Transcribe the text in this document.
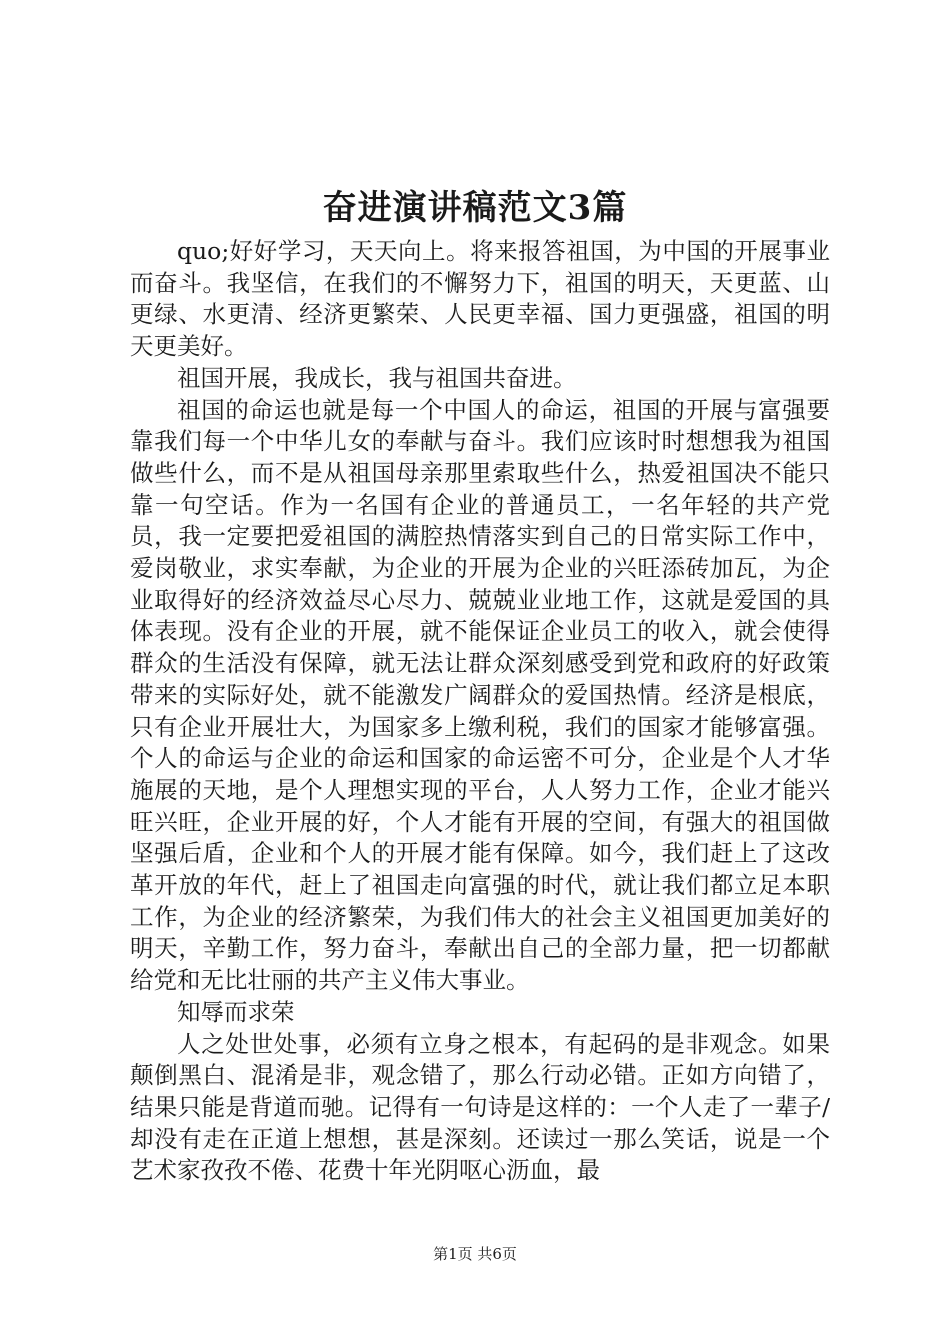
奋进演讲稿范文3篇

quo;好好学习，天天向上。将来报答祖国，为中国的开展事业而奋斗。我坚信，在我们的不懈努力下，祖国的明天，天更蓝、山更绿、水更清、经济更繁荣、人民更幸福、国力更强盛，祖国的明天更美好。

祖国开展，我成长，我与祖国共奋进。

祖国的命运也就是每一个中国人的命运，祖国的开展与富强要靠我们每一个中华儿女的奉献与奋斗。我们应该时时想想我为祖国做些什么，而不是从祖国母亲那里索取些什么，热爱祖国决不能只靠一句空话。作为一名国有企业的普通员工，一名年轻的共产党员，我一定要把爱祖国的满腔热情落实到自己的日常实际工作中，爱岗敬业，求实奉献，为企业的开展为企业的兴旺添砖加瓦，为企业取得好的经济效益尽心尽力、兢兢业业地工作，这就是爱国的具体表现。没有企业的开展，就不能保证企业员工的收入，就会使得群众的生活没有保障，就无法让群众深刻感受到党和政府的好政策带来的实际好处，就不能激发广阔群众的爱国热情。经济是根底，只有企业开展壮大，为国家多上缴利税，我们的国家才能够富强。个人的命运与企业的命运和国家的命运密不可分，企业是个人才华施展的天地，是个人理想实现的平台，人人努力工作，企业才能兴旺兴旺，企业开展的好，个人才能有开展的空间，有强大的祖国做坚强后盾，企业和个人的开展才能有保障。如今，我们赶上了这改革开放的年代，赶上了祖国走向富强的时代，就让我们都立足本职工作，为企业的经济繁荣，为我们伟大的社会主义祖国更加美好的明天，辛勤工作，努力奋斗，奉献出自己的全部力量，把一切都献给党和无比壮丽的共产主义伟大事业。

知辱而求荣

人之处世处事，必须有立身之根本，有起码的是非观念。如果颠倒黑白、混淆是非，观念错了，那么行动必错。正如方向错了，结果只能是背道而驰。记得有一句诗是这样的：一个人走了一辈子/却没有走在正道上想想，甚是深刻。还读过一那么笑话，说是一个艺术家孜孜不倦、花费十年光阴呕心沥血，最

第1页 共6页
